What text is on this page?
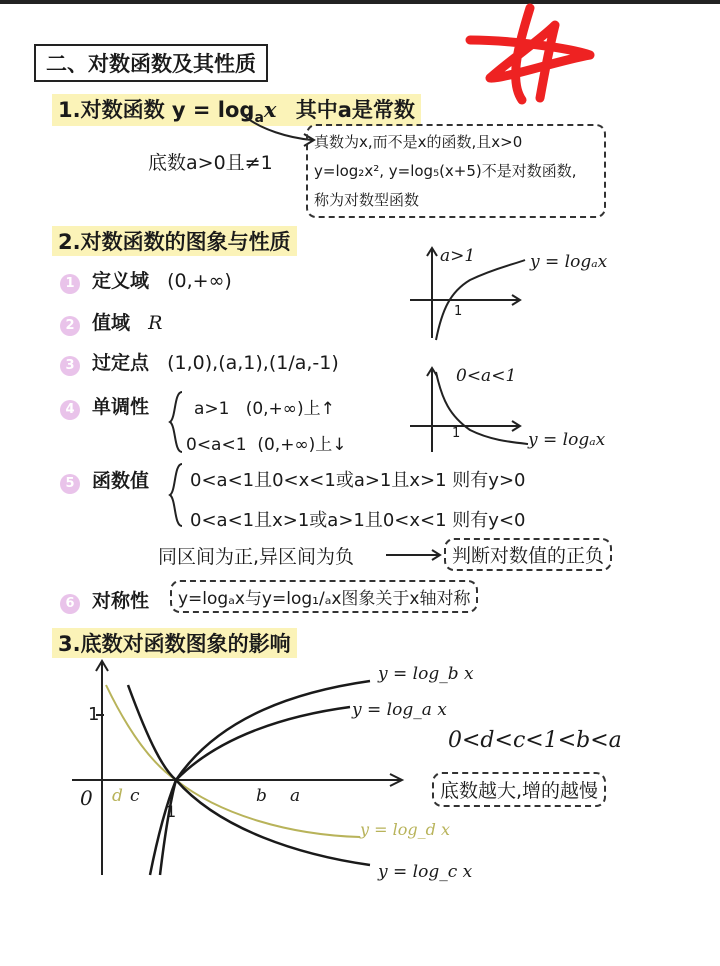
二、对数函数及其性质
1.对数函数 $y = \log_ax$ 其中a是常数
底数a>0且≠1
真数为x,而不是x的函数,且x>0
y=log₂x², y=log₅(x+5)不是对数函数,
称为对数型函数
2.对数函数的图象与性质
1 定义域 (0,+∞)
2 值域 R
3 过定点 (1,0),(a,1),(1/a,-1)
4 单调性	a>1   (0,+∞)上↑
0<a<1  (0,+∞)上↓
5 函数值 0<a<1且0<x<1或a>1且x>1 则有y>0
0<a<1且x>1或a>1且0<x<1 则有y<0
同区间为正,异区间为负	判断对数值的正负
6 对称性	y=logₐx与y=log₁/ₐx图象关于x轴对称
a>1	y = logₐx
1
0<a<1
y = logₐx
1
3.底数对函数图象的影响
y = log_b x
y = log_a x
y = log_d x
y = log_c x
0
1
1
d c	b a
0<d<c<1<b<a
底数越大,增的越慢
